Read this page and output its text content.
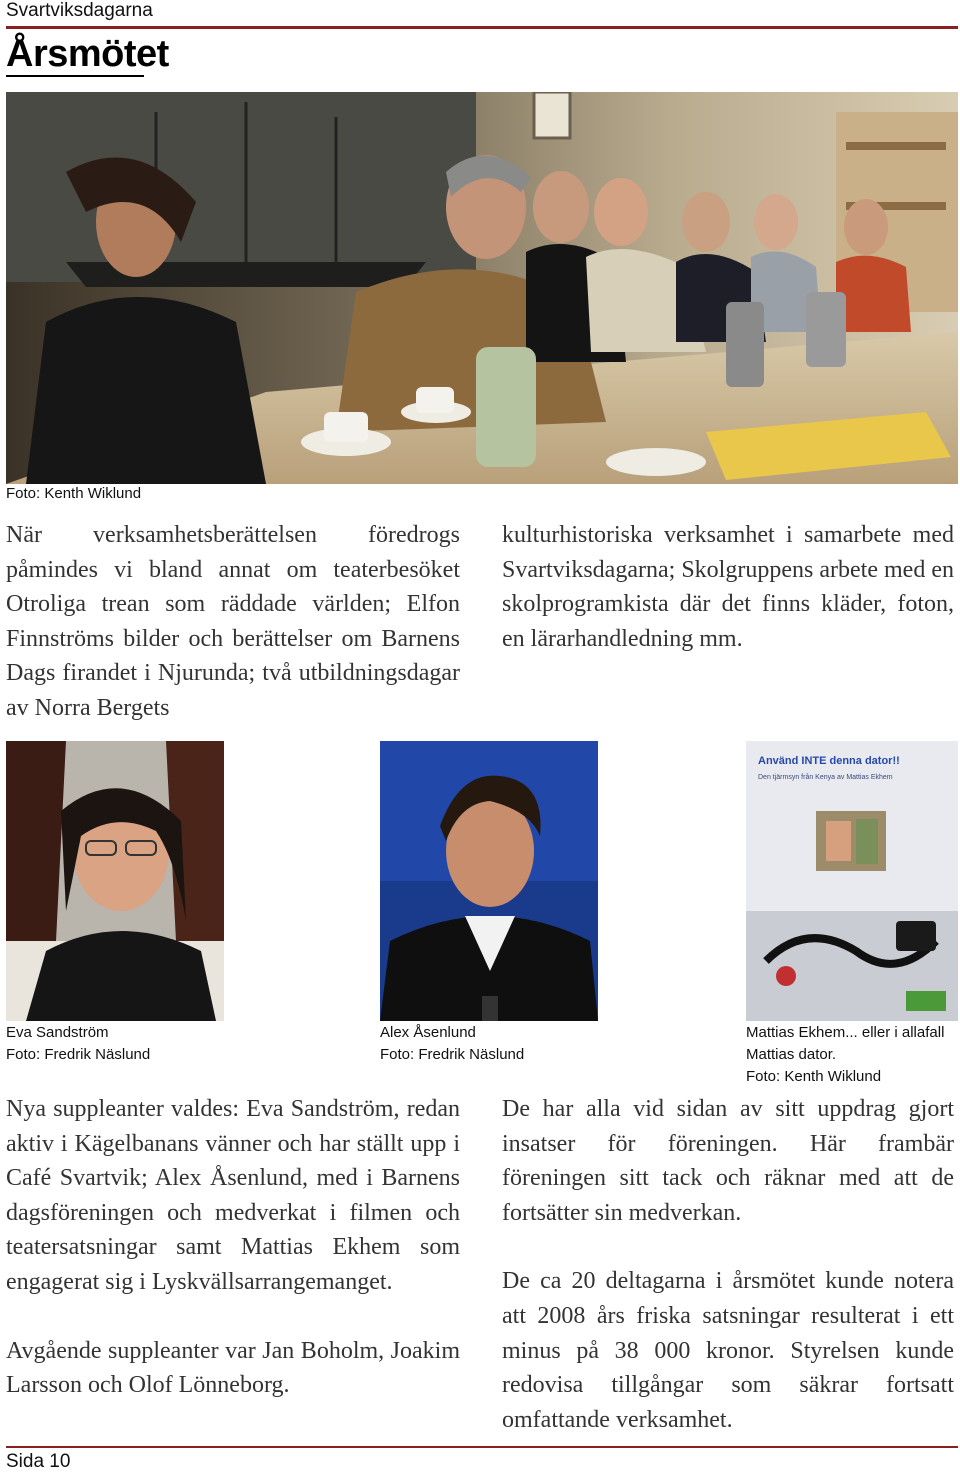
Svartviksdagarna
Årsmötet
Foto: Kenth Wiklund

När verksamhetsberättelsen föredrogs påmindes vi bland annat om teaterbesöket Otroliga trean som räddade världen; Elfon Finnströms bilder och berättelser om Barnens Dags firandet i Njurunda; två utbildningsdagar av Norra Bergets

kulturhistoriska verksamhet i samarbete med Svartviksdagarna; Skolgruppens arbete med en skolprogramkista där det finns kläder, foton, en lärarhandledning mm.

Eva Sandström
Foto: Fredrik Näslund
Alex Åsenlund
Foto: Fredrik Näslund
Använd INTE denna dator!!
Den tjärmsyn från Kenya av Mattias Ekhem
Mattias Ekhem... eller i allafall Mattias dator.
Foto: Kenth Wiklund

Nya suppleanter valdes: Eva Sandström, redan aktiv i Kägelbanans vänner och har ställt upp i Café Svartvik; Alex Åsenlund, med i Barnens dagsföreningen och medverkat i filmen och teatersatsningar samt Mattias Ekhem som engagerat sig i Lyskvällsarrangemanget.

Avgående suppleanter var Jan Boholm, Joakim Larsson och Olof Lönneborg.

De har alla vid sidan av sitt uppdrag gjort insatser för föreningen. Här frambär föreningen sitt tack och räknar med att de fortsätter sin medverkan.

De ca 20 deltagarna i årsmötet kunde notera att 2008 års friska satsningar resulterat i ett minus på 38 000 kronor. Styrelsen kunde redovisa tillgångar som säkrar fortsatt omfattande verksamhet.

Sida 10
